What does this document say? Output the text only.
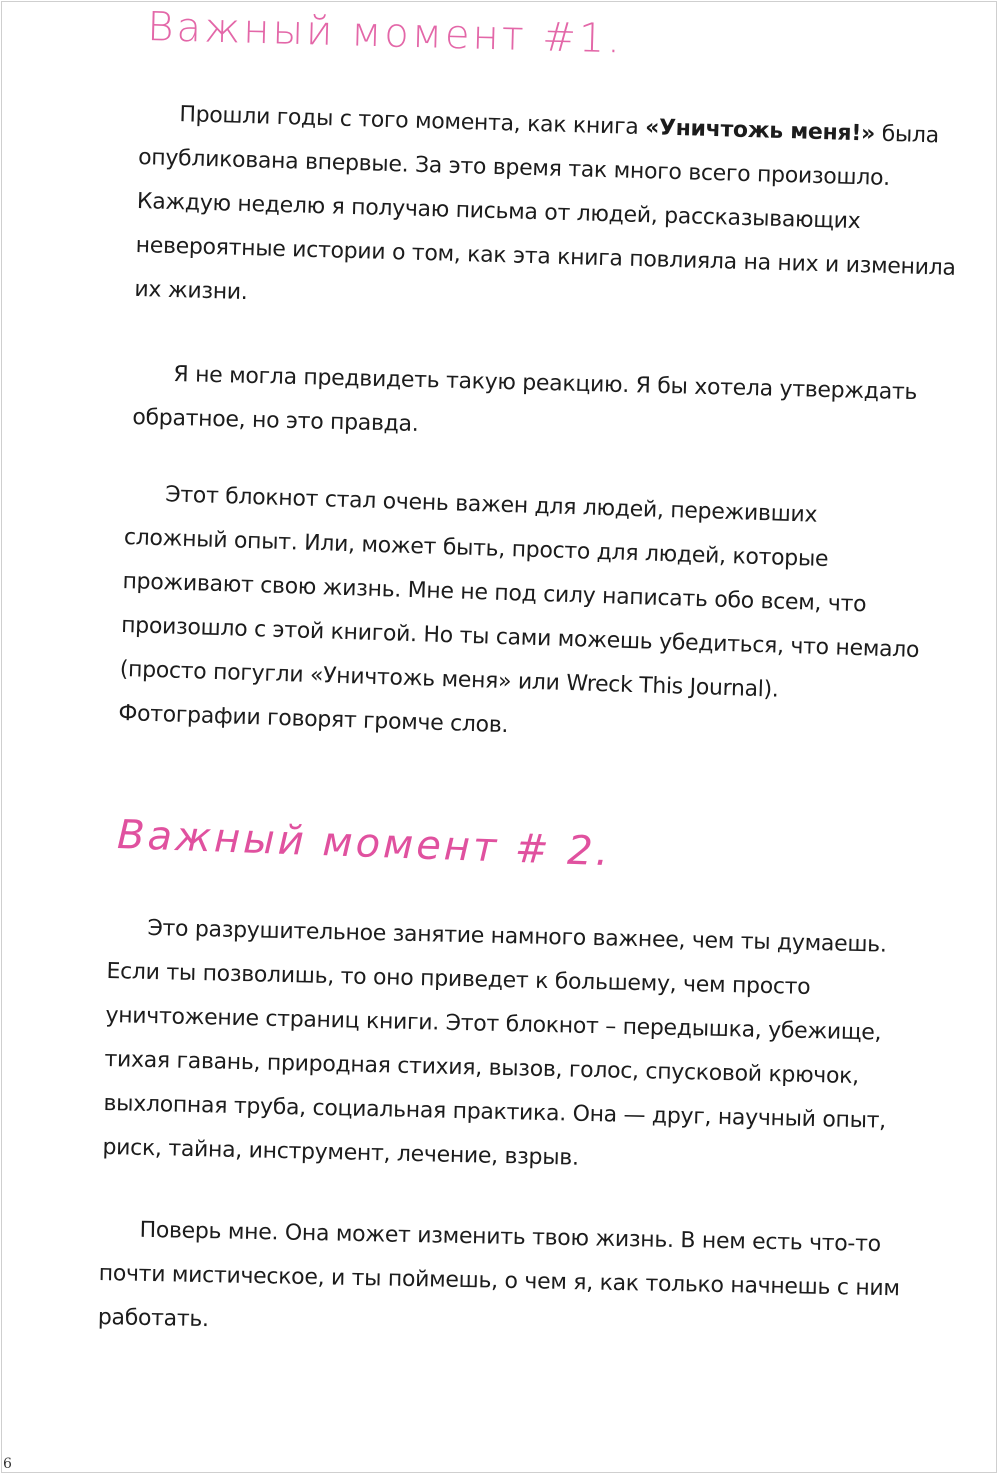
Важный момент #1.

Прошли годы с того момента, как книга «Уничтожь меня!» была опубликована впервые. За это время так много всего произошло. Каждую неделю я получаю письма от людей, рассказывающих невероятные истории о том, как эта книга повлияла на них и изменила их жизни.

Я не могла предвидеть такую реакцию. Я бы хотела утверждать обратное, но это правда.

Этот блокнот стал очень важен для людей, переживших сложный опыт. Или, может быть, просто для людей, которые проживают свою жизнь. Мне не под силу написать обо всем, что произошло с этой книгой. Но ты сами можешь убедиться, что немало (просто погугли «Уничтожь меня» или Wreck This Journal). Фотографии говорят громче слов.

Важный момент # 2.

Это разрушительное занятие намного важнее, чем ты думаешь. Если ты позволишь, то оно приведет к большему, чем просто уничтожение страниц книги. Этот блокнот – передышка, убежище, тихая гавань, природная стихия, вызов, голос, спусковой крючок, выхлопная труба, социальная практика. Она — друг, научный опыт, риск, тайна, инструмент, лечение, взрыв.

Поверь мне. Она может изменить твою жизнь. В нем есть что-то почти мистическое, и ты поймешь, о чем я, как только начнешь с ним работать.

6
